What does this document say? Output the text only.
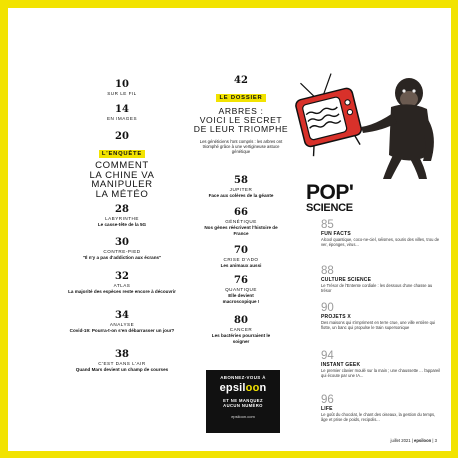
10
SUR LE FIL
14
EN IMAGES
20
L'ENQUÊTE
COMMENT
LA CHINE VA
MANIPULER
LA MÉTÉO
28
LABYRINTHE
Le casse-tête de la 5G
30
CONTRE-PIED
"Il n'y a pas d'addiction aux écrans"
32
ATLAS
La majorité des espèces reste encore à découvrir
34
ANALYSE
Covid-19: Pourra-t-on s'en débarrasser un jour?
38
C'EST DANS L'AIR
Quand Mars devient un champ de courses
42
LE DOSSIER
ARBRES :
VOICI LE SECRET
DE LEUR TRIOMPHE
Les généticiens l'ont compris : les arbres ont triomphé grâce à une vertigineuse astuce génétique
58
JUPITER
Face aux colères de la géante
66
GÉNÉTIQUE
Nos gènes réécrivent l'histoire de France
70
CRISE D'ADO
Les animaux aussi
76
QUANTIQUE
Elle devient macroscopique !
80
CANCER
Les bactéries pourraient le soigner
ABONNEZ-VOUS À
epsiloon
ET NE MANQUEZ
AUCUN NUMÉRO
epsiloon.com
POP'
SCIENCE
85
FUN FACTS
Alcool quantique, coco-ne-ciel, séismes, souris des villes, trou de ver, éponges, virus...
88
CULTURE SCIENCE
Le Trésor de l'Entente cordiale : les dessous d'une chasse au trésor
90
PROJETS X
Des maisons qui s'impriment en terre crue, une ville entière qui flotte, un banc qui propulse le train supersonique
94
INSTANT GEEK
Le premier clavier moulé sur la main ; une chaussette ... l'appareil qui écoute par une IA...
96
LIFE
Le goût du chocolat, le chant des oiseaux, la gestion du temps, âge et prise de poids, recipolis...
juillet 2021 | epsiloon | 3
